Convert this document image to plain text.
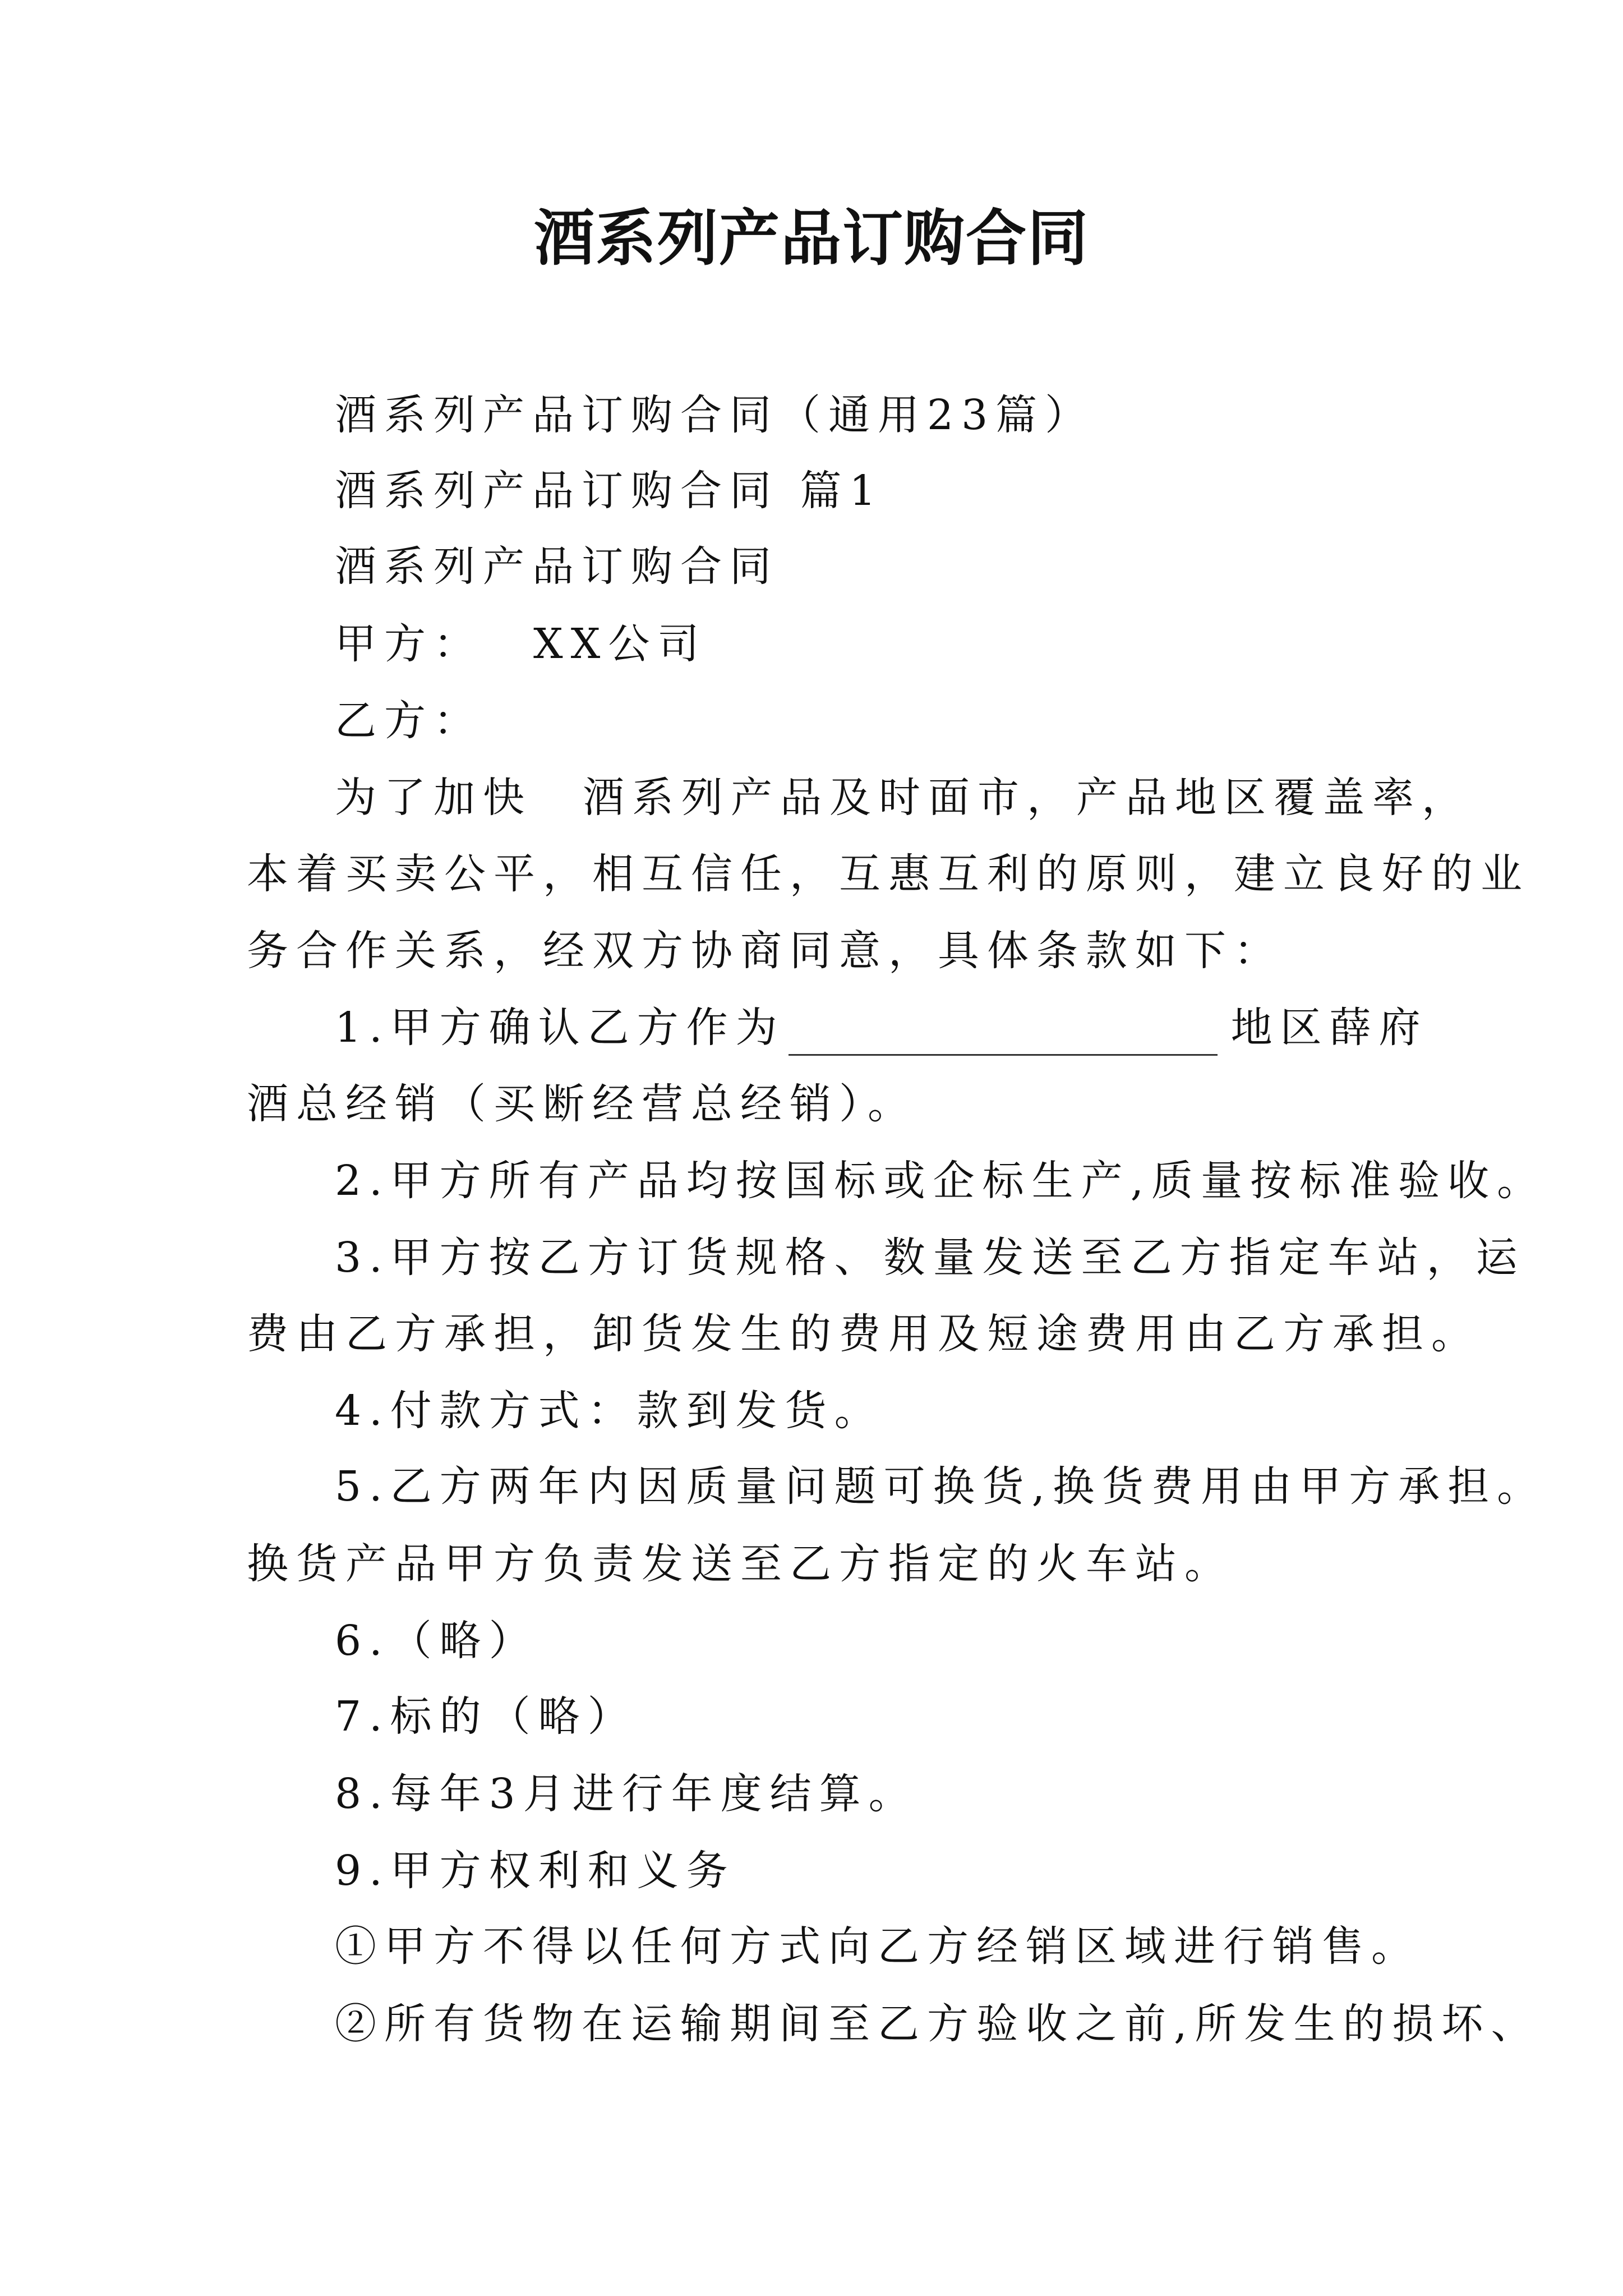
酒系列产品订购合同
酒系列产品订购合同（通用23篇）
酒系列产品订购合同 篇1
酒系列产品订购合同
甲方： XX公司
乙方：
为了加快 酒系列产品及时面市，产品地区覆盖率，
本着买卖公平，相互信任，互惠互利的原则，建立良好的业
务合作关系，经双方协商同意，具体条款如下：
1.甲方确认乙方作为	地区薛府
酒总经销（买断经营总经销）。
2.甲方所有产品均按国标或企标生产,质量按标准验收。
3.甲方按乙方订货规格、数量发送至乙方指定车站，运
费由乙方承担，卸货发生的费用及短途费用由乙方承担。
4.付款方式：款到发货。
5.乙方两年内因质量问题可换货,换货费用由甲方承担。
换货产品甲方负责发送至乙方指定的火车站。
6.（略）
7.标的（略）
8.每年3月进行年度结算。
9.甲方权利和义务
①甲方不得以任何方式向乙方经销区域进行销售。
②所有货物在运输期间至乙方验收之前,所发生的损坏、
